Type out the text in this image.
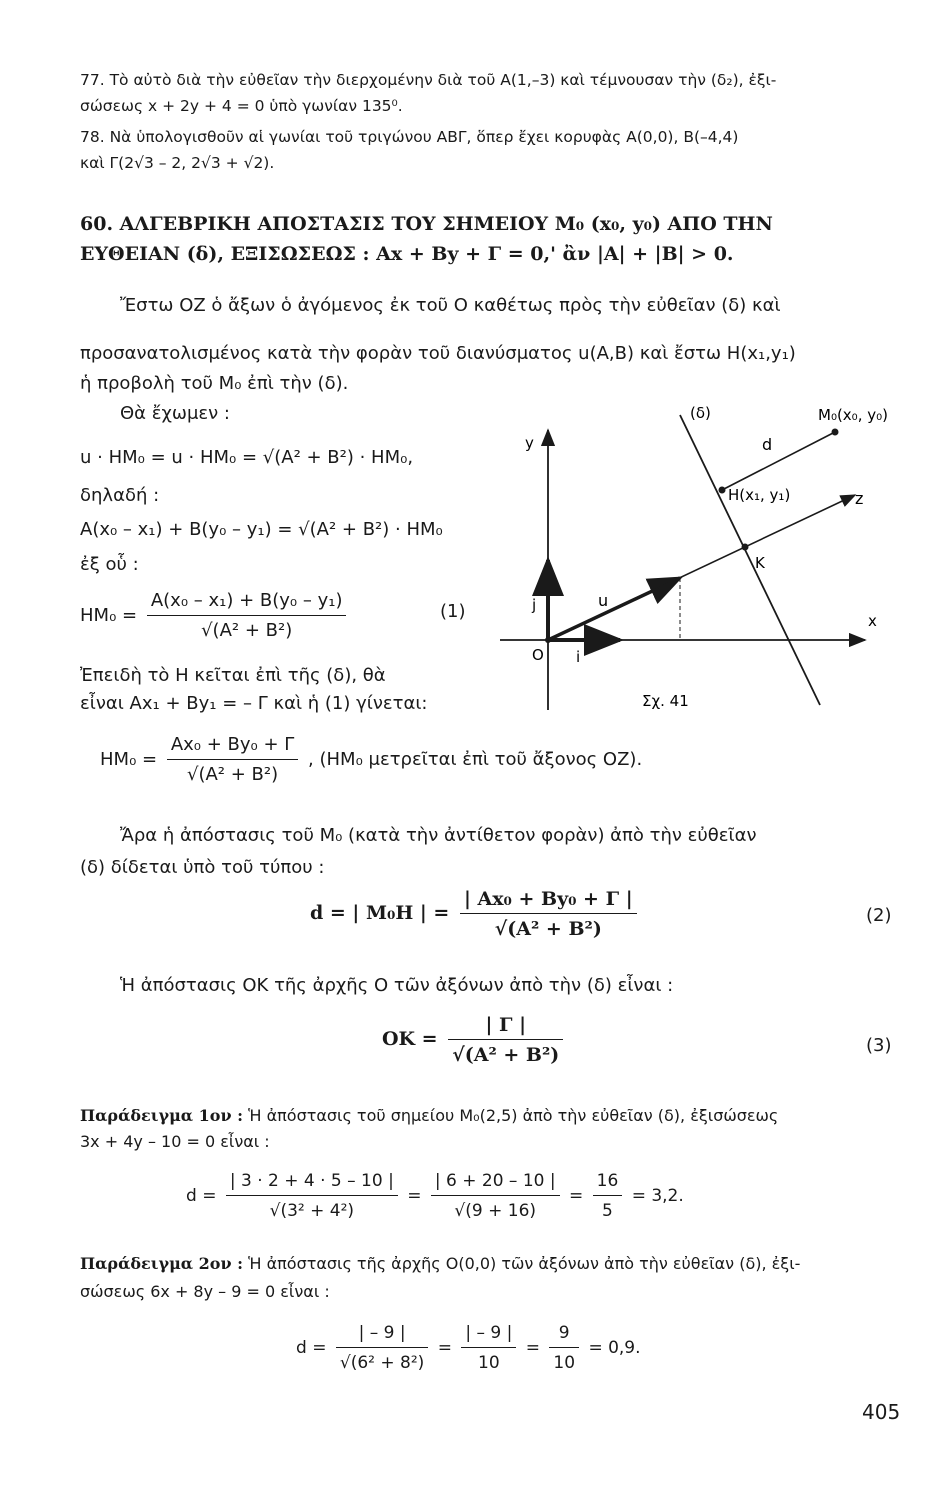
77. Τὸ αὐτὸ διὰ τὴν εὐθεῖαν τὴν διερχομένην διὰ τοῦ Α(1,–3) καὶ τέμνουσαν τὴν (δ₂), ἐξι-
σώσεως x + 2y + 4 = 0 ὑπὸ γωνίαν 135⁰.
78. Νὰ ὑπολογισθοῦν αἱ γωνίαι τοῦ τριγώνου ΑΒΓ, ὅπερ ἔχει κορυφὰς Α(0,0), Β(–4,4)
καὶ Γ(2√3 – 2, 2√3 + √2).
60. ΑΛΓΕΒΡΙΚΗ ΑΠΟΣΤΑΣΙΣ ΤΟΥ ΣΗΜΕΙΟΥ M₀ (x₀, y₀) ΑΠΟ ΤΗΝ
ΕΥΘΕΙΑΝ (δ), ΕΞΙΣΩΣΕΩΣ : Ax + By + Γ = 0,' ἂν |A| + |B| > 0.
Ἔστω OZ ὁ ἄξων ὁ ἀγόμενος ἐκ τοῦ Ο καθέτως πρὸς τὴν εὐθεῖαν (δ) καὶ
προσανατολισμένος κατὰ τὴν φορὰν τοῦ διανύσματος u(A,B) καὶ ἔστω H(x₁,y₁)
ἡ προβολὴ τοῦ M₀ ἐπὶ τὴν (δ).
Θὰ ἔχωμεν :
u · HM₀ = u · HM₀ = √(A² + B²) · HM₀,
δηλαδή :
A(x₀ – x₁) + B(y₀ – y₁) = √(A² + B²) · HM₀
ἐξ οὗ :
$HM_0 = \frac{\text{A(x₀ – x₁) + B(y₀ – y₁)}}{\text{√(A² + B²)}}$	(1)
Ἐπειδὴ τὸ H κεῖται ἐπὶ τῆς (δ), θὰ
εἶναι Ax₁ + By₁ = – Γ καὶ ἡ (1) γίνεται:
$HM_0 = \frac{\text{Ax₀ + By₀ + Γ}}{\text{√(A² + B²)}}$ , (HM₀ μετρεῖται ἐπὶ τοῦ ἄξονος OZ).
Ἄρα ἡ ἀπόστασις τοῦ M₀ (κατὰ τὴν ἀντίθετον φορὰν) ἀπὸ τὴν εὐθεῖαν
(δ) δίδεται ὑπὸ τοῦ τύπου :
d = | M₀H | = $\frac{\text{| Ax₀ + By₀ + Γ |}}{\text{√(A² + B²)}}$	(2)
Ἡ ἀπόστασις OK τῆς ἀρχῆς O τῶν ἀξόνων ἀπὸ τὴν (δ) εἶναι :
OK = $\frac{| \Gamma |}{\text{√(A² + B²)}}$	(3)
Παράδειγμα 1ον : Ἡ ἀπόστασις τοῦ σημείου M₀(2,5) ἀπὸ τὴν εὐθεῖαν (δ), ἐξισώσεως
3x + 4y – 10 = 0 εἶναι :
$d = \frac{| 3 \cdot 2 + 4 \cdot 5 - 10 |}{\text{√(3² + 4²)}} = \frac{| 6 + 20 - 10 |}{√(9 + 16)} = \frac{16}{5} = 3,2$.
Παράδειγμα 2ον : Ἡ ἀπόστασις τῆς ἀρχῆς O(0,0) τῶν ἀξόνων ἀπὸ τὴν εὐθεῖαν (δ), ἐξι-
σώσεως 6x + 8y – 9 = 0 εἶναι :
$d = \frac{| - 9 |}{\text{√(6² + 8²)}} = \frac{| - 9 |}{10} = \frac{9}{10} = 0,9$.
405
(δ)	M₀(x₀, y₀)
d
H(x₁, y₁)	z
K
y
x
O
u
j
i
Σχ. 41
